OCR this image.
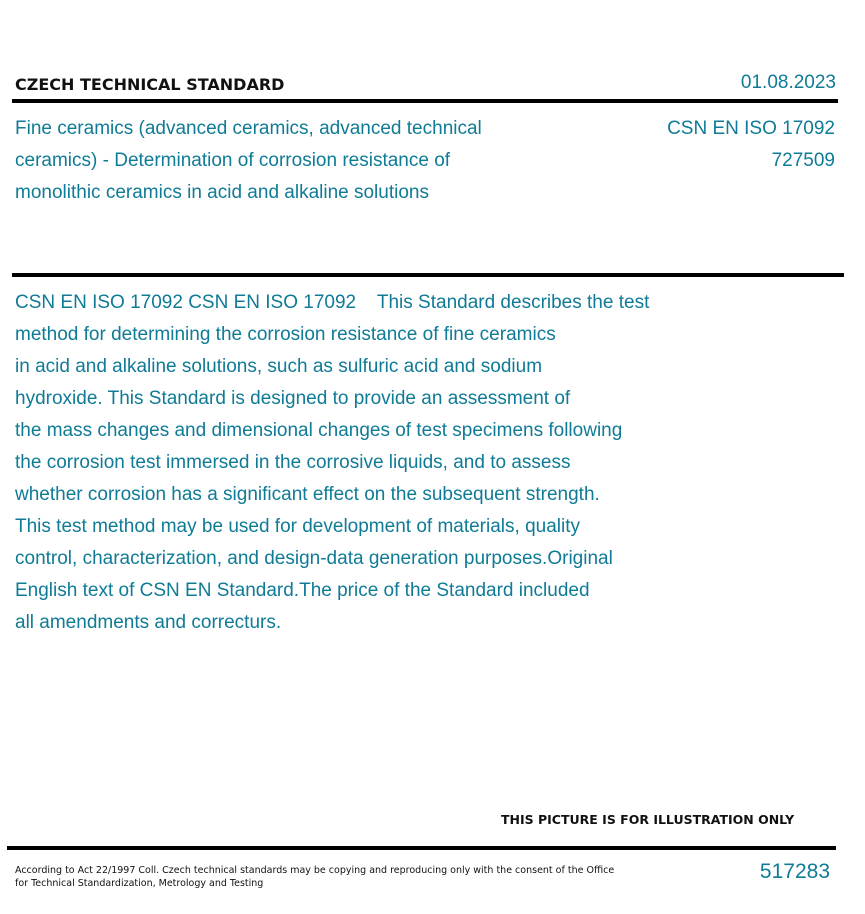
CZECH TECHNICAL STANDARD	01.08.2023
Fine ceramics (advanced ceramics, advanced technical
ceramics) - Determination of corrosion resistance of
monolithic ceramics in acid and alkaline solutions
CSN EN ISO 17092
727509
CSN EN ISO 17092 CSN EN ISO 17092    This Standard describes the test
method for determining the corrosion resistance of fine ceramics
in acid and alkaline solutions, such as sulfuric acid and sodium
hydroxide. This Standard is designed to provide an assessment of
the mass changes and dimensional changes of test specimens following
the corrosion test immersed in the corrosive liquids, and to assess
whether corrosion has a significant effect on the subsequent strength.
This test method may be used for development of materials, quality
control, characterization, and design-data generation purposes.Original
English text of CSN EN Standard.The price of the Standard included
all amendments and correcturs.
THIS PICTURE IS FOR ILLUSTRATION ONLY
According to Act 22/1997 Coll. Czech technical standards may be copying and reproducing only with the consent of the Office
for Technical Standardization, Metrology and Testing
517283
